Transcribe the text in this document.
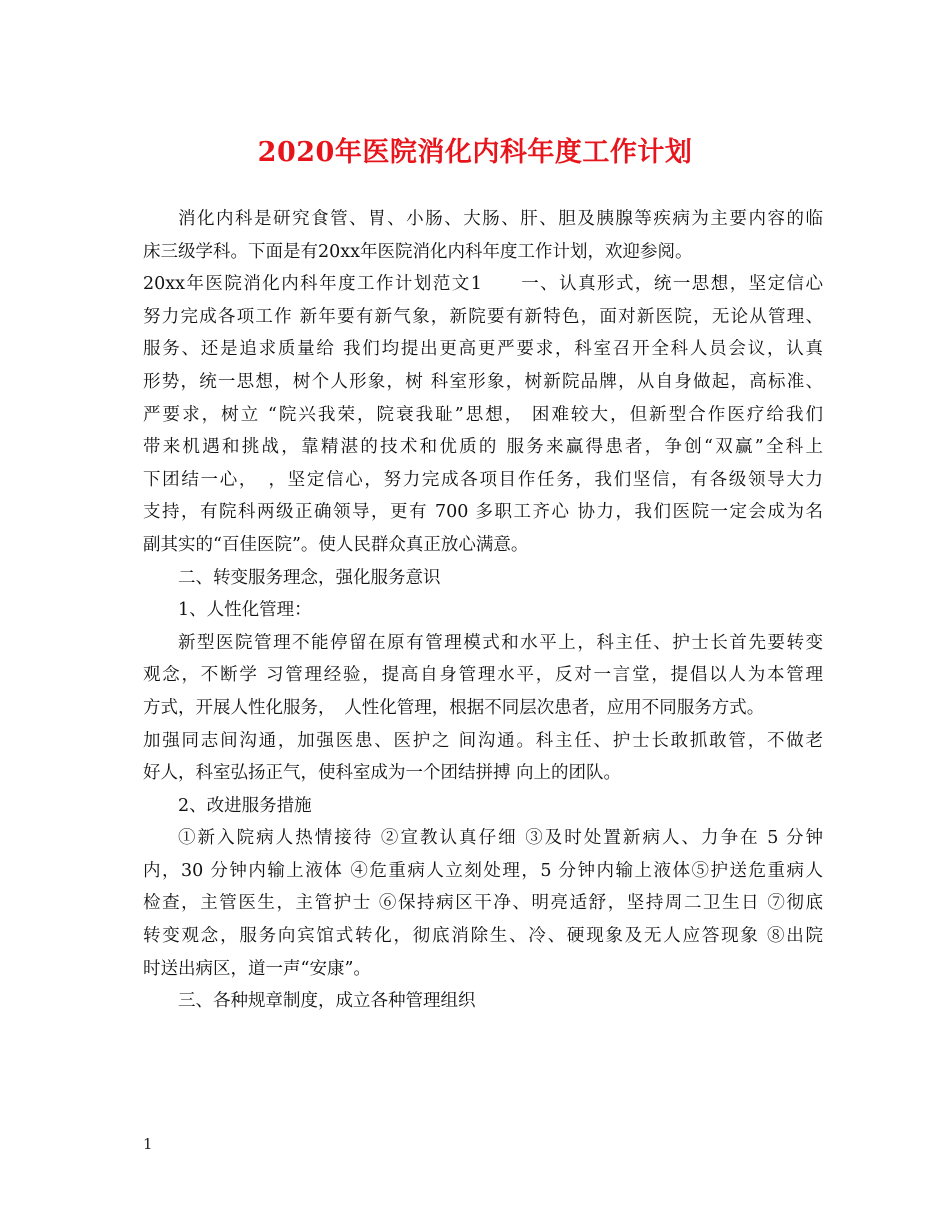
2020年医院消化内科年度工作计划
消化内科是研究食管、胃、小肠、大肠、肝、胆及胰腺等疾病为主要内容的临
床三级学科。下面是有20xx年医院消化内科年度工作计划，欢迎参阅。
20xx年医院消化内科年度工作计划范文1　　一、认真形式，统一思想，坚定信心
努力完成各项工作 新年要有新气象，新院要有新特色，面对新医院，无论从管理、
服务、还是追求质量给 我们均提出更高更严要求，科室召开全科人员会议，认真
形势，统一思想，树个人形象，树 科室形象，树新院品牌，从自身做起，高标准、
严要求，树立 “院兴我荣，院衰我耻”思想， 困难较大，但新型合作医疗给我们
带来机遇和挑战，靠精湛的技术和优质的 服务来赢得患者，争创“双赢”全科上
下团结一心，　，坚定信心，努力完成各项目作任务，我们坚信，有各级领导大力
支持，有院科两级正确领导，更有 700 多职工齐心 协力，我们医院一定会成为名
副其实的“百佳医院”。使人民群众真正放心满意。
二、转变服务理念，强化服务意识
1、人性化管理：
新型医院管理不能停留在原有管理模式和水平上，科主任、护士长首先要转变
观念，不断学 习管理经验，提高自身管理水平，反对一言堂，提倡以人为本管理
方式，开展人性化服务，　人性化管理，根据不同层次患者，应用不同服务方式。
加强同志间沟通，加强医患、医护之 间沟通。科主任、护士长敢抓敢管，不做老
好人，科室弘扬正气，使科室成为一个团结拼搏 向上的团队。
2、改进服务措施
①新入院病人热情接待 ②宣教认真仔细 ③及时处置新病人、力争在 5 分钟
内，30 分钟内输上液体 ④危重病人立刻处理，5 分钟内输上液体⑤护送危重病人
检查，主管医生，主管护士 ⑥保持病区干净、明亮适舒，坚持周二卫生日 ⑦彻底
转变观念，服务向宾馆式转化，彻底消除生、冷、硬现象及无人应答现象 ⑧出院
时送出病区，道一声“安康”。
三、各种规章制度，成立各种管理组织
1
